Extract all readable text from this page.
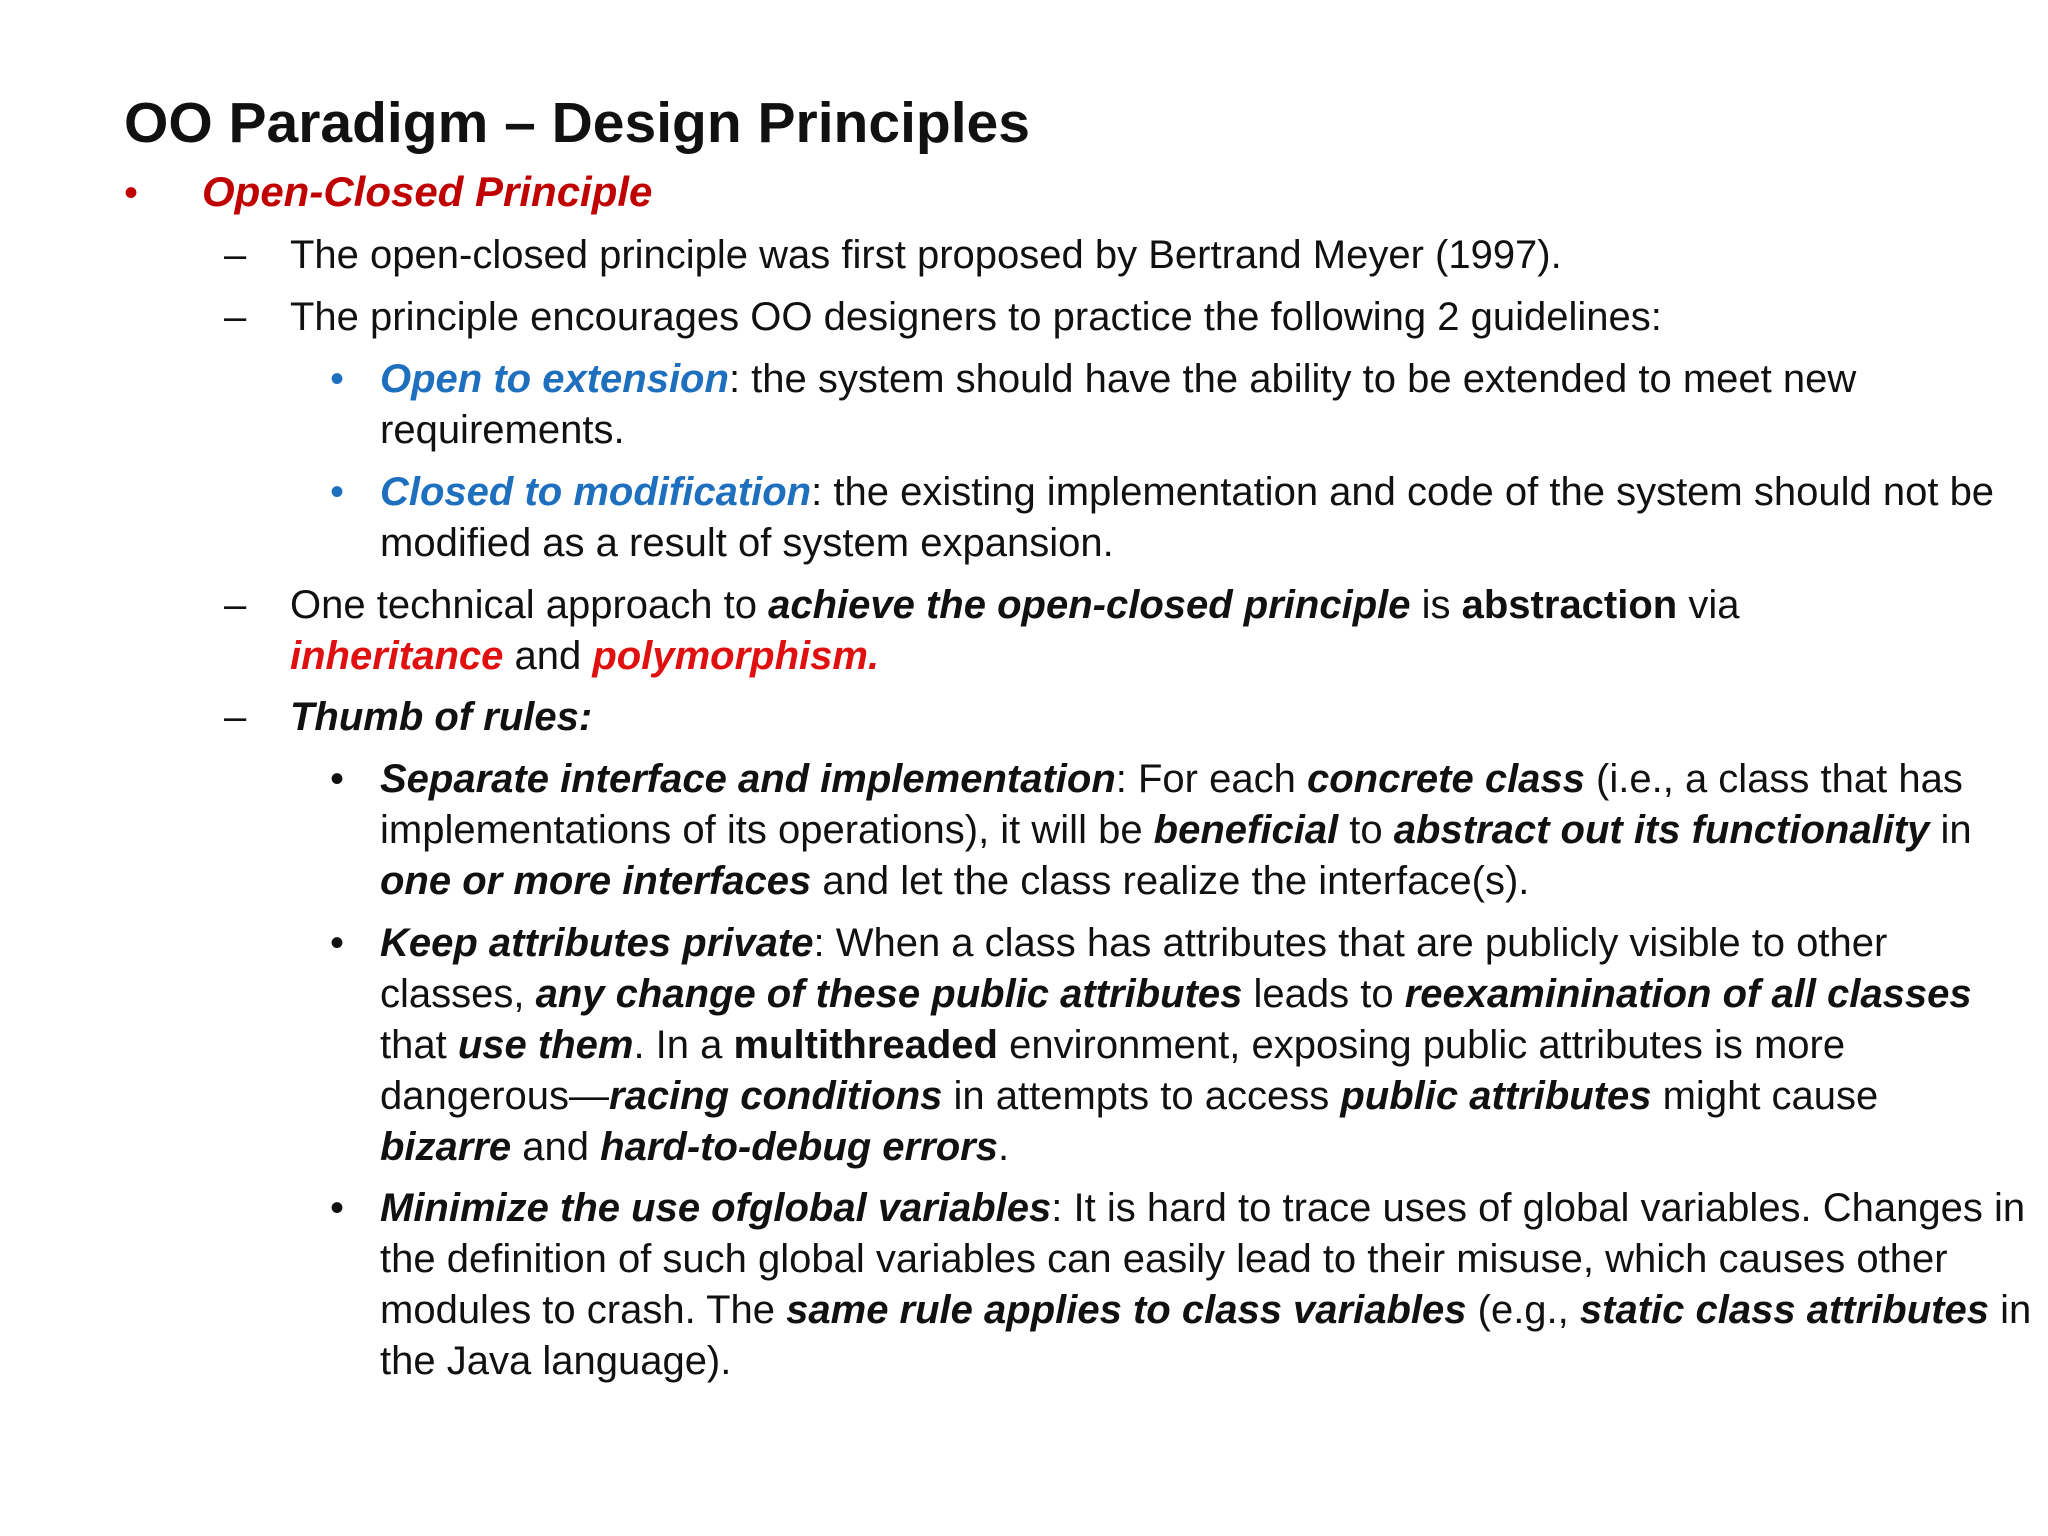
OO Paradigm – Design Principles
• Open-Closed Principle
– The open-closed principle was first proposed by Bertrand Meyer (1997).
– The principle encourages OO designers to practice the following 2 guidelines:
• Open to extension: the system should have the ability to be extended to meet new requirements.
• Closed to modification: the existing implementation and code of the system should not be modified as a result of system expansion.
– One technical approach to achieve the open-closed principle is abstraction via
inheritance and polymorphism.
– Thumb of rules:
• Separate interface and implementation: For each concrete class (i.e., a class that has implementations of its operations), it will be beneficial to abstract out its functionality in one or more interfaces and let the class realize the interface(s).
• Keep attributes private: When a class has attributes that are publicly visible to other classes, any change of these public attributes leads to reexaminination of all classes that use them. In a multithreaded environment, exposing public attributes is more dangerous—racing conditions in attempts to access public attributes might cause bizarre and hard-to-debug errors.
• Minimize the use ofglobal variables: It is hard to trace uses of global variables. Changes in the definition of such global variables can easily lead to their misuse, which causes other modules to crash. The same rule applies to class variables (e.g., static class attributes in the Java language).
